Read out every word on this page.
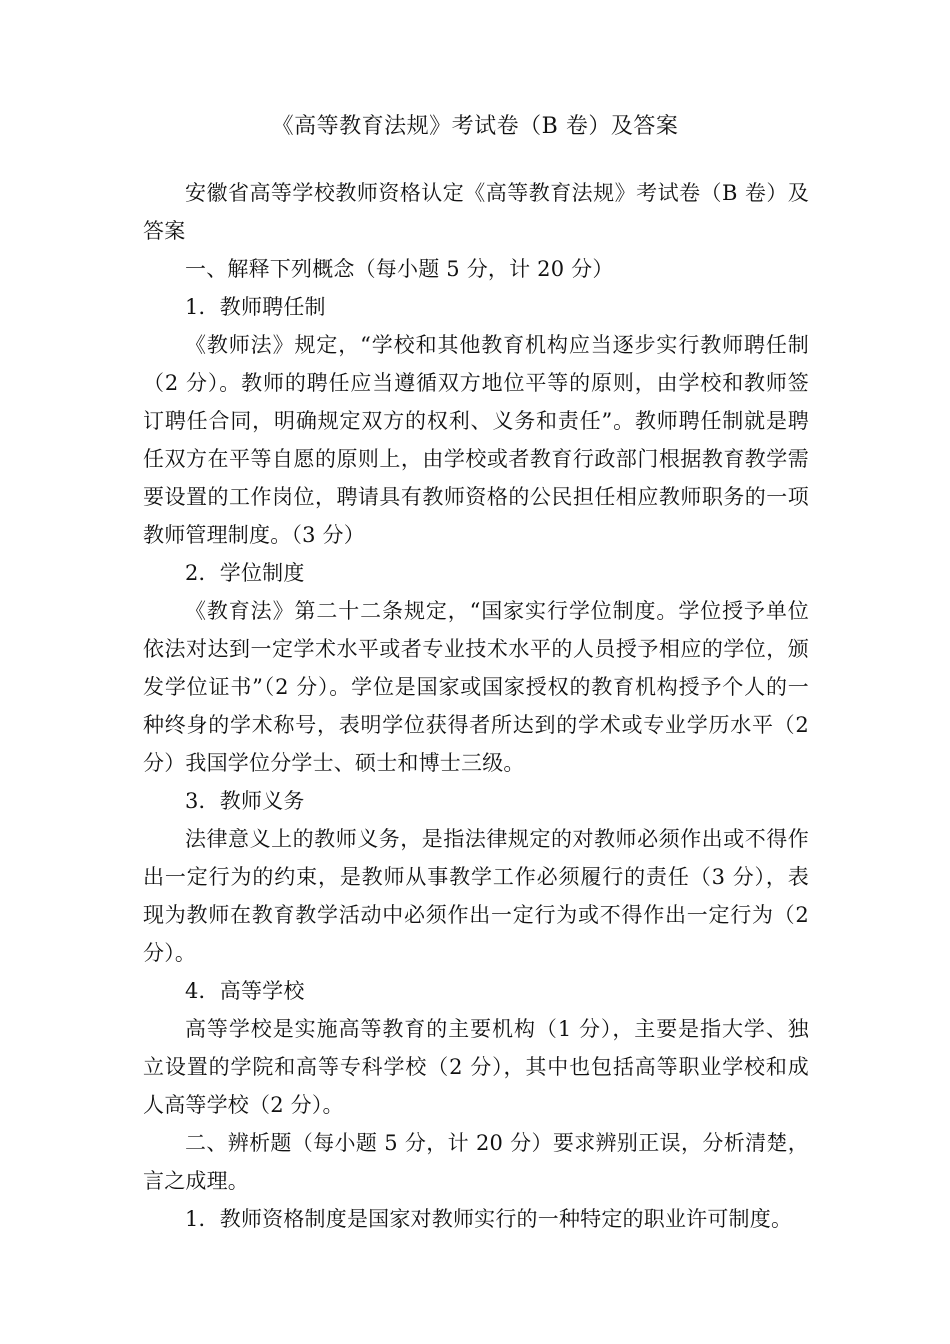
《高等教育法规》考试卷（B 卷）及答案

安徽省高等学校教师资格认定《高等教育法规》考试卷（B 卷）及答案

一、解释下列概念（每小题 5 分，计 20 分）

1．教师聘任制

《教师法》规定，“学校和其他教育机构应当逐步实行教师聘任制（2 分）。教师的聘任应当遵循双方地位平等的原则，由学校和教师签订聘任合同，明确规定双方的权利、义务和责任”。教师聘任制就是聘任双方在平等自愿的原则上，由学校或者教育行政部门根据教育教学需要设置的工作岗位，聘请具有教师资格的公民担任相应教师职务的一项教师管理制度。（3 分）

2．学位制度

《教育法》第二十二条规定，“国家实行学位制度。学位授予单位依法对达到一定学术水平或者专业技术水平的人员授予相应的学位，颁发学位证书”（2 分）。学位是国家或国家授权的教育机构授予个人的一种终身的学术称号，表明学位获得者所达到的学术或专业学历水平（2 分）我国学位分学士、硕士和博士三级。

3．教师义务

法律意义上的教师义务，是指法律规定的对教师必须作出或不得作出一定行为的约束，是教师从事教学工作必须履行的责任（3 分），表现为教师在教育教学活动中必须作出一定行为或不得作出一定行为（2 分）。

4．高等学校

高等学校是实施高等教育的主要机构（1 分），主要是指大学、独立设置的学院和高等专科学校（2 分），其中也包括高等职业学校和成人高等学校（2 分）。

二、辨析题（每小题 5 分，计 20 分）要求辨别正误，分析清楚，言之成理。

1．教师资格制度是国家对教师实行的一种特定的职业许可制度。
